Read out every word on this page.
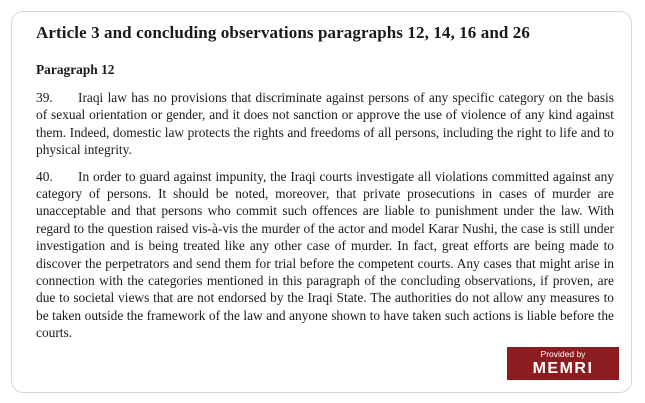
Article 3 and concluding observations paragraphs 12, 14, 16 and 26
Paragraph 12

39. Iraqi law has no provisions that discriminate against persons of any specific category on the basis of sexual orientation or gender, and it does not sanction or approve the use of violence of any kind against them. Indeed, domestic law protects the rights and freedoms of all persons, including the right to life and to physical integrity.

40. In order to guard against impunity, the Iraqi courts investigate all violations committed against any category of persons. It should be noted, moreover, that private prosecutions in cases of murder are unacceptable and that persons who commit such offences are liable to punishment under the law. With regard to the question raised vis-à-vis the murder of the actor and model Karar Nushi, the case is still under investigation and is being treated like any other case of murder. In fact, great efforts are being made to discover the perpetrators and send them for trial before the competent courts. Any cases that might arise in connection with the categories mentioned in this paragraph of the concluding observations, if proven, are due to societal views that are not endorsed by the Iraqi State. The authorities do not allow any measures to be taken outside the framework of the law and anyone shown to have taken such actions is liable before the courts.

Provided by
MEMRI
